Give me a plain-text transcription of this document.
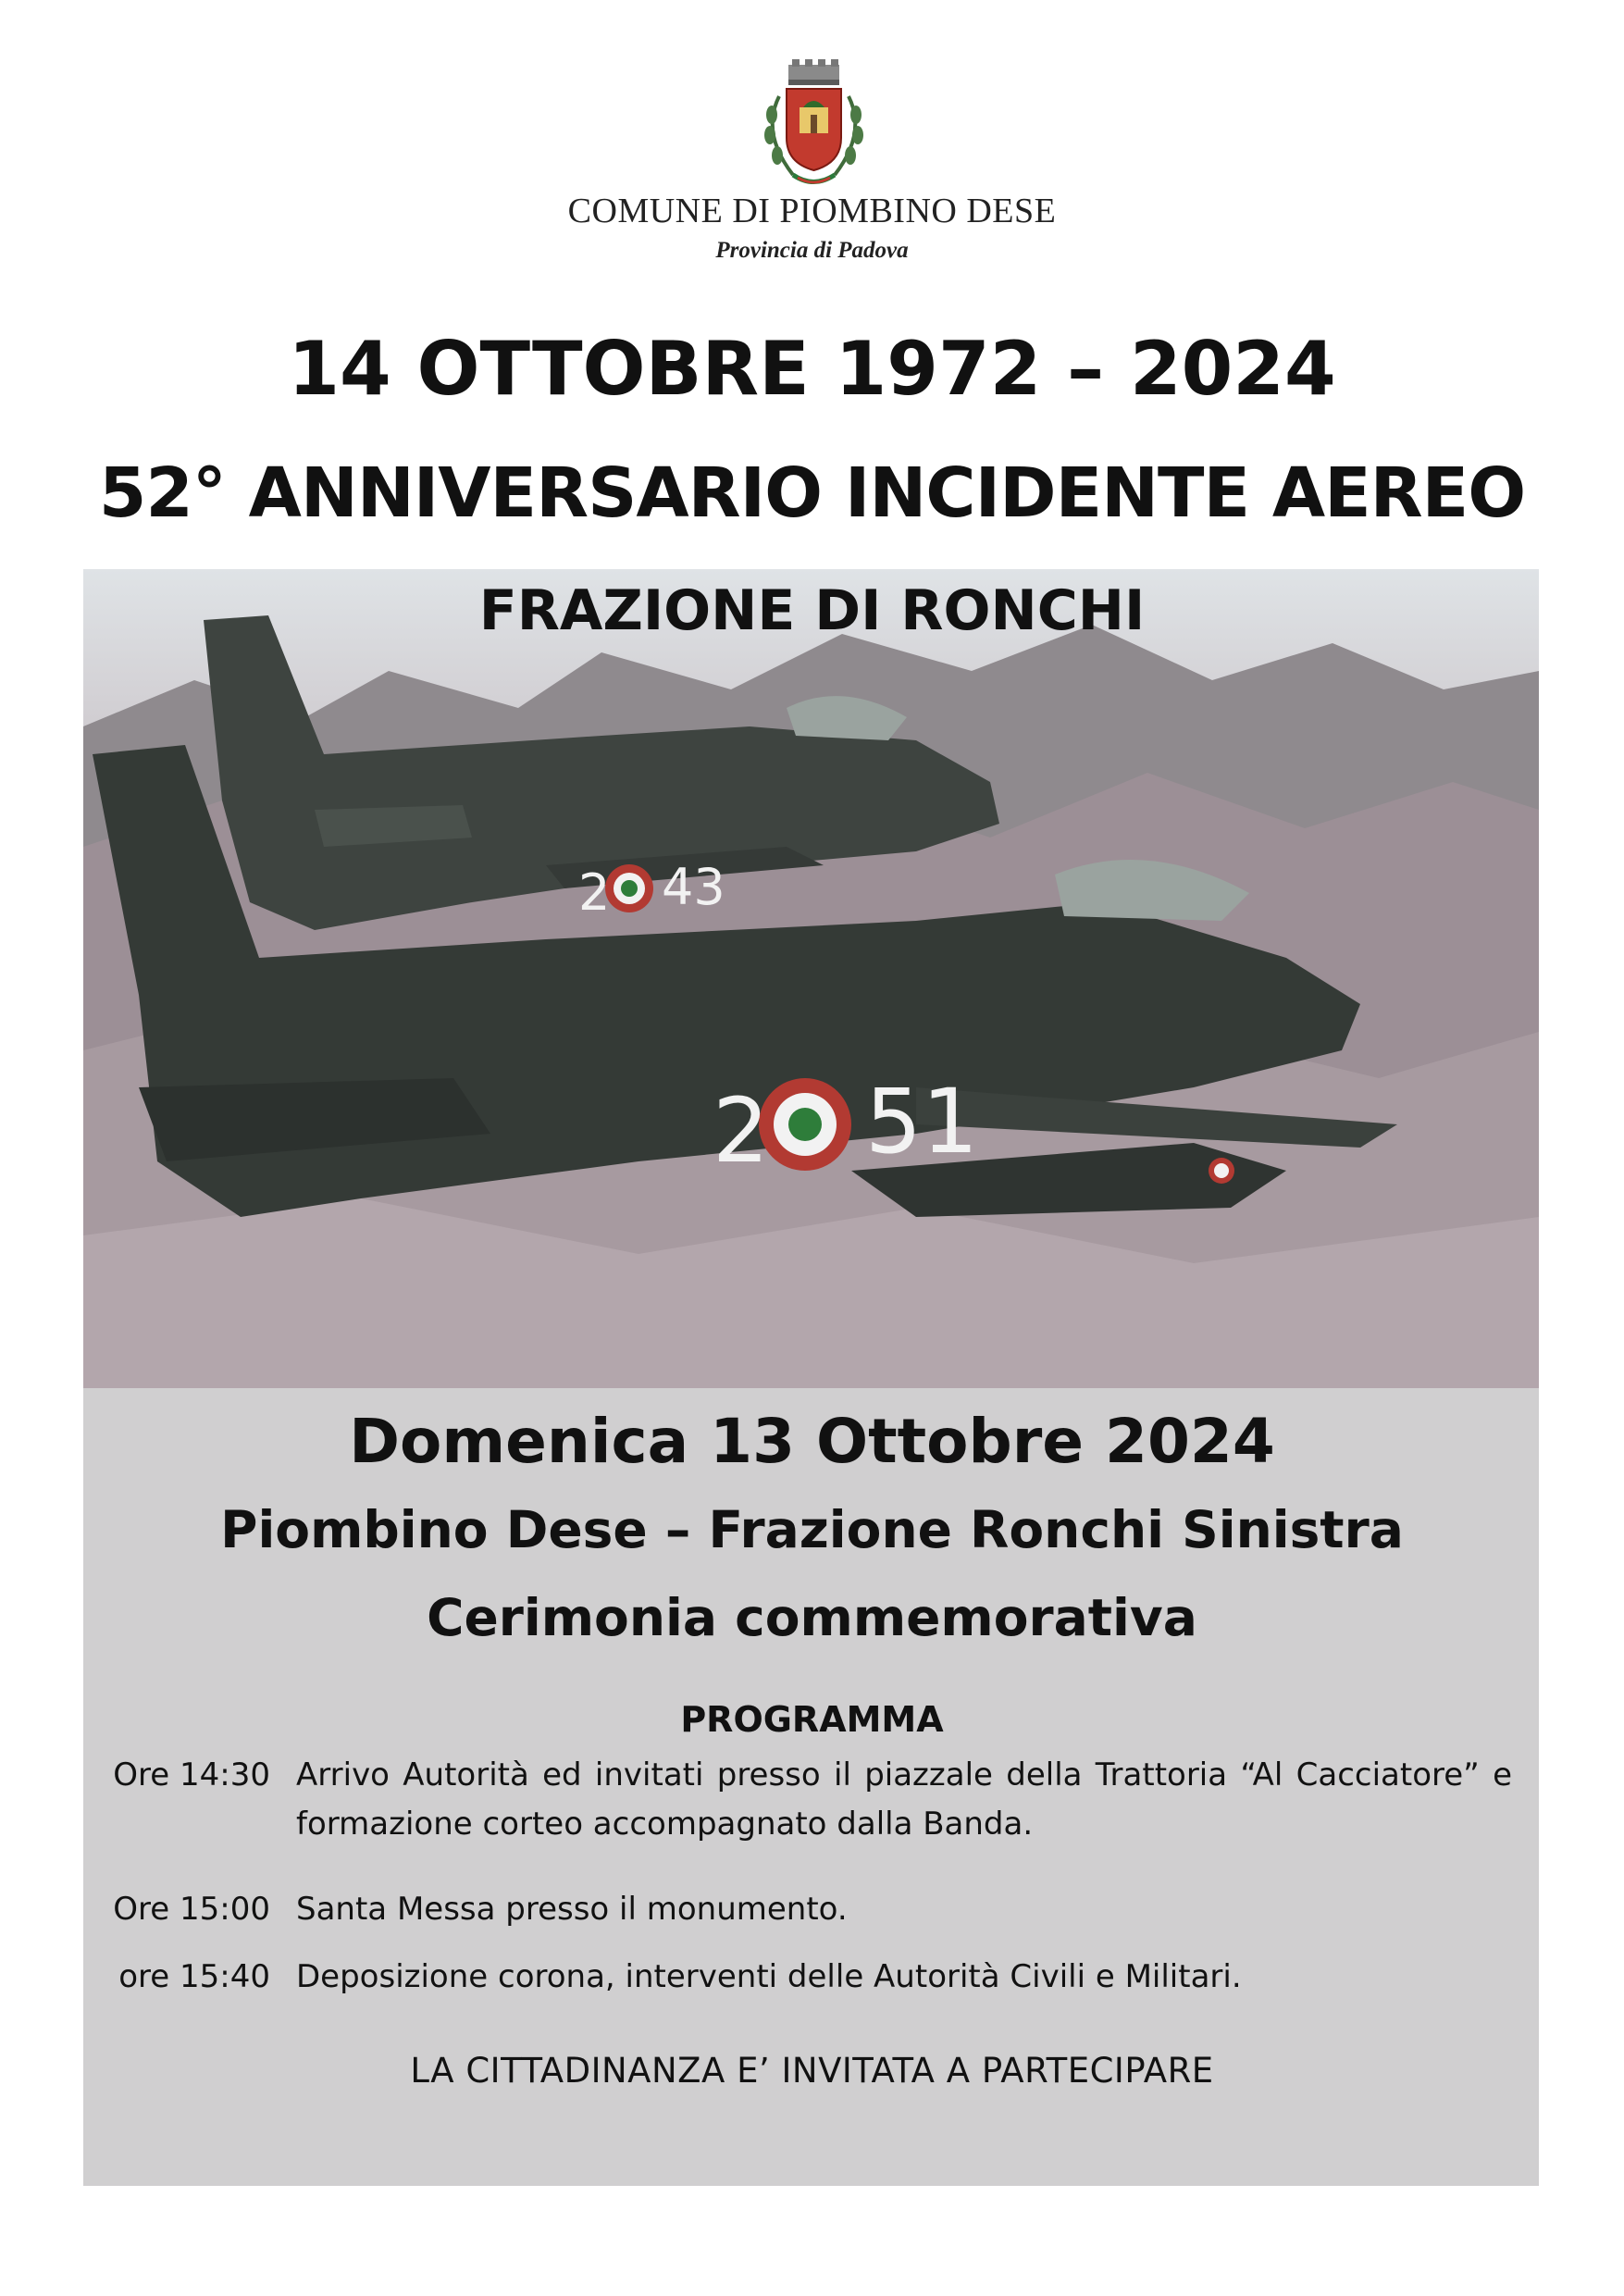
COMUNE DI PIOMBINO DESE
Provincia di Padova
14 OTTOBRE 1972 – 2024
52° ANNIVERSARIO INCIDENTE AEREO
2 43
2 51
FRAZIONE DI RONCHI
Domenica 13 Ottobre 2024
Piombino Dese – Frazione Ronchi Sinistra
Cerimonia commemorativa
PROGRAMMA
Ore 14:30 Arrivo Autorità ed invitati presso il piazzale della Trattoria “Al Cacciatore” e formazione corteo accompagnato dalla Banda.
Ore 15:00 Santa Messa presso il monumento.
ore 15:40 Deposizione corona, interventi delle Autorità Civili e Militari.
LA CITTADINANZA E’ INVITATA A PARTECIPARE
